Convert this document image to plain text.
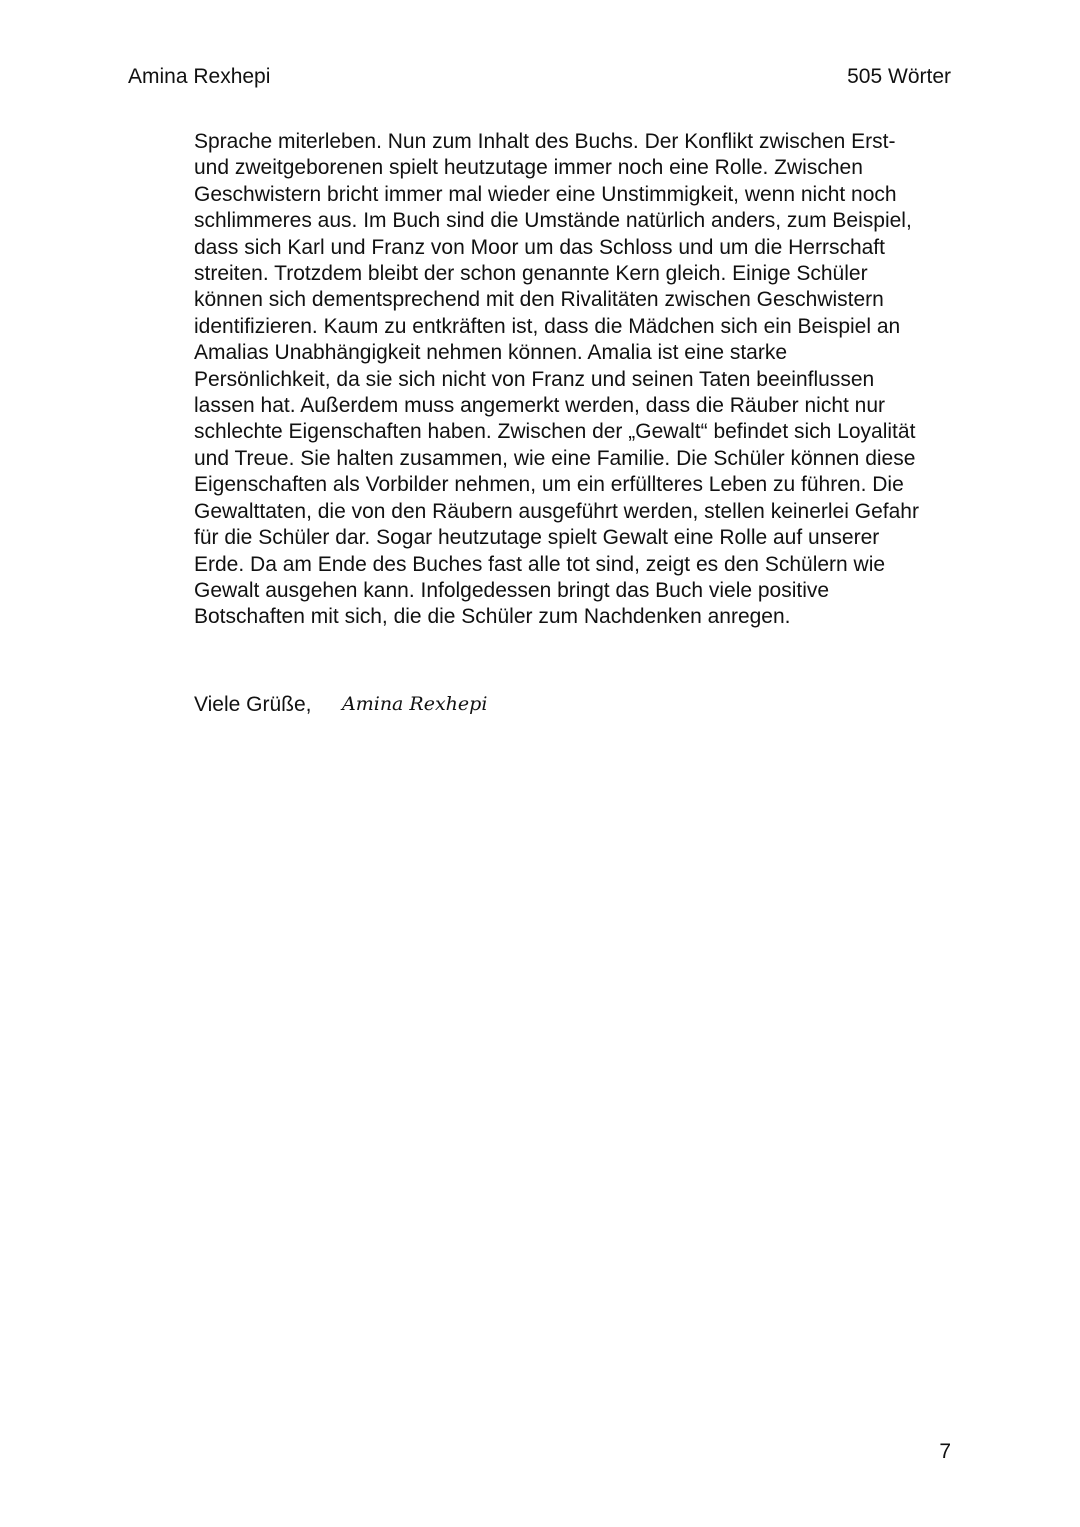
Amina Rexhepi	505 Wörter
Sprache miterleben. Nun zum Inhalt des Buchs. Der Konflikt zwischen Erst-
und zweitgeborenen spielt heutzutage immer noch eine Rolle. Zwischen
Geschwistern bricht immer mal wieder eine Unstimmigkeit, wenn nicht noch
schlimmeres aus. Im Buch sind die Umstände natürlich anders, zum Beispiel,
dass sich Karl und Franz von Moor um das Schloss und um die Herrschaft
streiten. Trotzdem bleibt der schon genannte Kern gleich. Einige Schüler
können sich dementsprechend mit den Rivalitäten zwischen Geschwistern
identifizieren. Kaum zu entkräften ist, dass die Mädchen sich ein Beispiel an
Amalias Unabhängigkeit nehmen können. Amalia ist eine starke
Persönlichkeit, da sie sich nicht von Franz und seinen Taten beeinflussen
lassen hat. Außerdem muss angemerkt werden, dass die Räuber nicht nur
schlechte Eigenschaften haben. Zwischen der „Gewalt“ befindet sich Loyalität
und Treue. Sie halten zusammen, wie eine Familie. Die Schüler können diese
Eigenschaften als Vorbilder nehmen, um ein erfüllteres Leben zu führen. Die
Gewalttaten, die von den Räubern ausgeführt werden, stellen keinerlei Gefahr
für die Schüler dar. Sogar heutzutage spielt Gewalt eine Rolle auf unserer
Erde. Da am Ende des Buches fast alle tot sind, zeigt es den Schülern wie
Gewalt ausgehen kann. Infolgedessen bringt das Buch viele positive
Botschaften mit sich, die die Schüler zum Nachdenken anregen.
Viele Grüße, Amina Rexhepi
7
